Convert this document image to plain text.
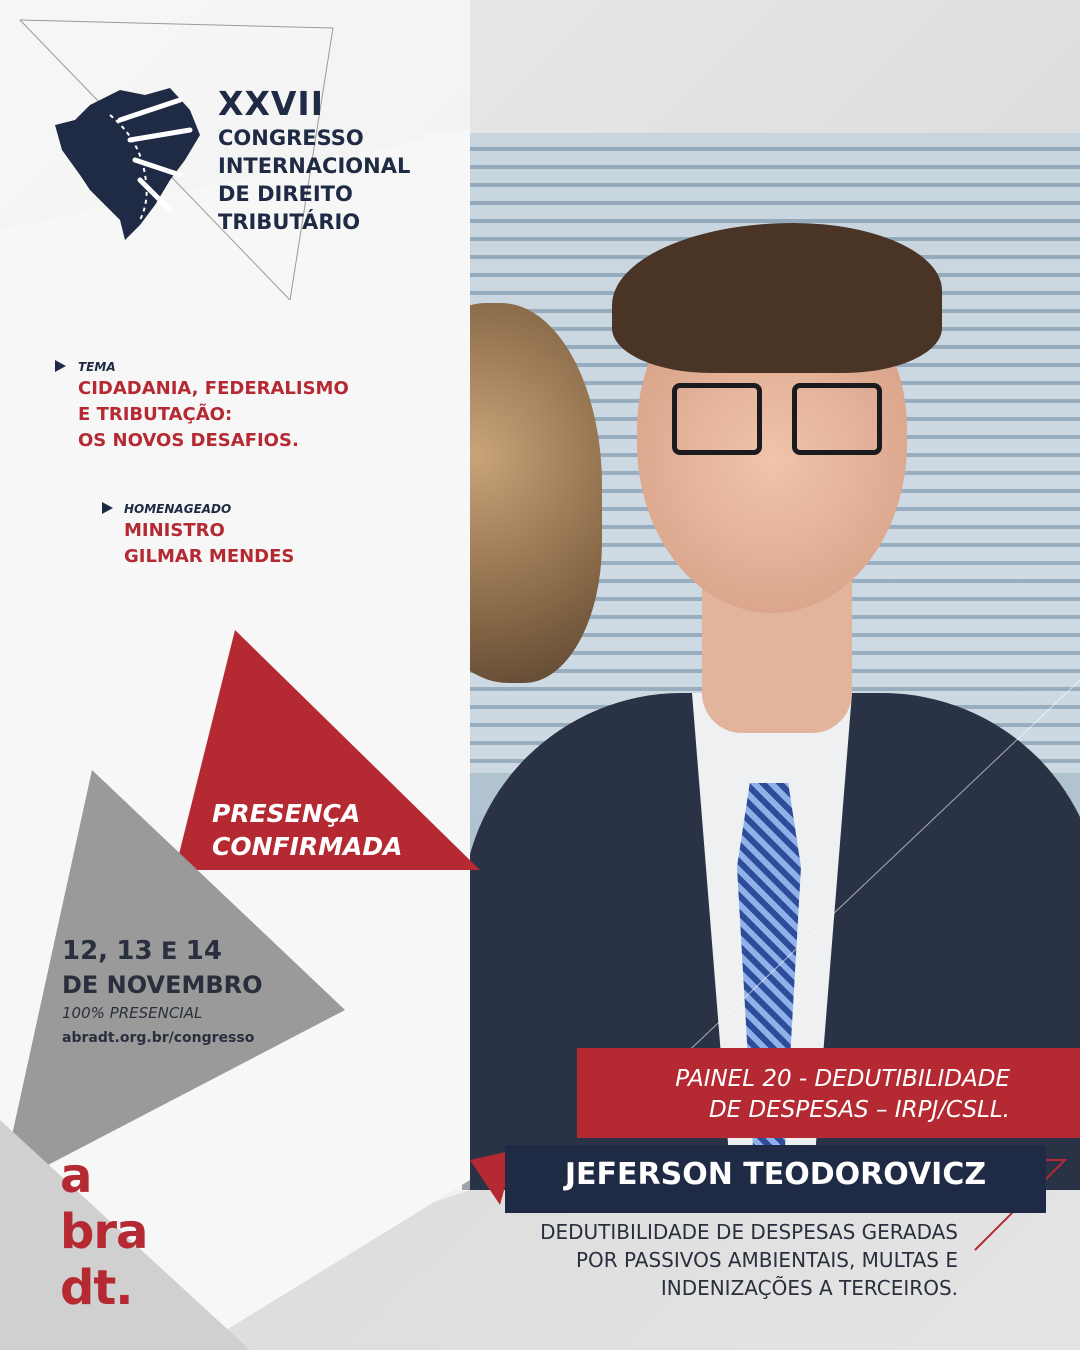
XXVII
CONGRESSO
INTERNACIONAL
DE DIREITO
TRIBUTÁRIO
TEMA
CIDADANIA, FEDERALISMO
E TRIBUTAÇÃO:
OS NOVOS DESAFIOS.
HOMENAGEADO
MINISTRO
GILMAR MENDES
PRESENÇA
CONFIRMADA
12, 13 E 14
DE NOVEMBRO
100% PRESENCIAL
abradt.org.br/congresso
a
bra
dt.
PAINEL 20 - DEDUTIBILIDADE
DE DESPESAS – IRPJ/CSLL.
JEFERSON TEODOROVICZ
DEDUTIBILIDADE DE DESPESAS GERADAS
POR PASSIVOS AMBIENTAIS, MULTAS E
INDENIZAÇÕES A TERCEIROS.
